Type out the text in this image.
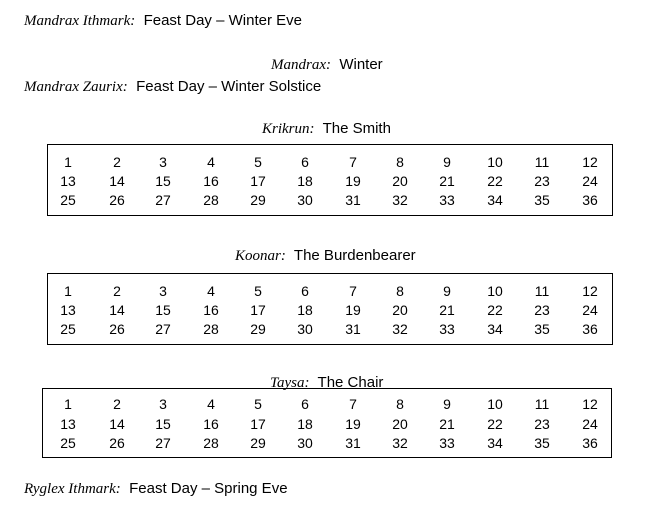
Mandrax Ithmark: Feast Day – Winter Eve
Mandrax: Winter
Mandrax Zaurix: Feast Day – Winter Solstice
Krikrun: The Smith
1	2	3	4	5	6	7	8	9	10	11	12
13	14	15	16	17	18	19	20	21	22	23	24
25	26	27	28	29	30	31	32	33	34	35	36
Koonar: The Burdenbearer
1	2	3	4	5	6	7	8	9	10	11	12
13	14	15	16	17	18	19	20	21	22	23	24
25	26	27	28	29	30	31	32	33	34	35	36
1	2	3	4	5	6	7	8	9	10	11	12
13	14	15	16	17	18	19	20	21	22	23	24
25	26	27	28	29	30	31	32	33	34	35	36
Taysa: The Chair
Ryglex Ithmark: Feast Day – Spring Eve
